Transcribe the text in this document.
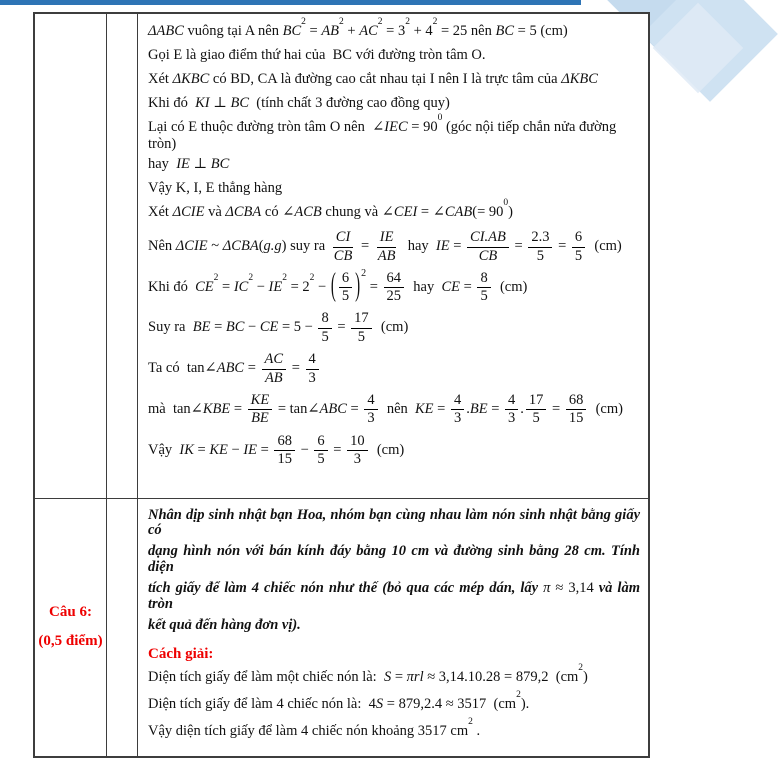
ΔABC vuông tại A nên $BC^2 = AB^2 + AC^2 = 3^2 + 4^2 = 25$ nên BC = 5 (cm)
Gọi E là giao điểm thứ hai của  BC với đường tròn tâm O.
Xét ΔKBC có BD, CA là đường cao cắt nhau tại I nên I là trực tâm của ΔKBC
Khi đó  KI ⊥ BC  (tính chất 3 đường cao đồng quy)
Lại có E thuộc đường tròn tâm O nên  ∠IEC = $90^0$ (góc nội tiếp chắn nửa đường tròn)
hay  IE ⊥ BC
Vậy K, I, E thẳng hàng
Xét ΔCIE và ΔCBA có ∠ACB chung và ∠CEI = ∠CAB(= $90^0$)
Nên ΔCIE ~ ΔCBA(g.g) suy ra $\frac{CI}{CB} = \frac{IE}{AB}$ hay  IE = $\frac{CI.AB}{CB} = \frac{2.3}{5} = \frac{6}{5} (cm)$
Khi đó  $CE^2 = IC^2 - IE^2 = 2^2$ − ( $\frac{6}{5} )^2$
= $\frac{64}{25}$ hay  CE = $\frac{8}{5} (cm)$
Suy ra  BE = BC − CE = $5 - \frac{8}{5} = \frac{17}{5} (cm)$
Ta có  tan∠ABC = $\frac{AC}{AB} = \frac{4}{3}$
mà  tan∠KBE = $\frac{KE}{BE}$ = tan∠ABC = $\frac{4}{3}$ nên  KE = $\frac{4}{3} .BE = \frac{4}{3}$ . $\frac{17}{5} = \frac{68}{15} (cm)$
Vậy  IK = KE − IE = $\frac{68}{15} - \frac{6}{5} = \frac{10}{3} (cm)$
Câu 6:
(0,5 điểm)
Nhân dịp sinh nhật bạn Hoa, nhóm bạn cùng nhau làm nón sinh nhật bằng giấy có
dạng hình nón với bán kính đáy bằng 10 cm và đường sinh bằng 28 cm. Tính diện
tích giấy để làm 4 chiếc nón như thế (bỏ qua các mép dán, lấy π ≈ 3,14 và làm tròn
kết quả đến hàng đơn vị).
Cách giải:
Diện tích giấy để làm một chiếc nón là:  S = πrl ≈ 3,14.10.28 = 879,2  $(cm^2)$
Diện tích giấy để làm 4 chiếc nón là:  4S = 879,2.4 ≈ 3517  $(cm^2)$.
Vậy diện tích giấy để làm 4 chiếc nón khoảng 3517 $cm^2$ .
